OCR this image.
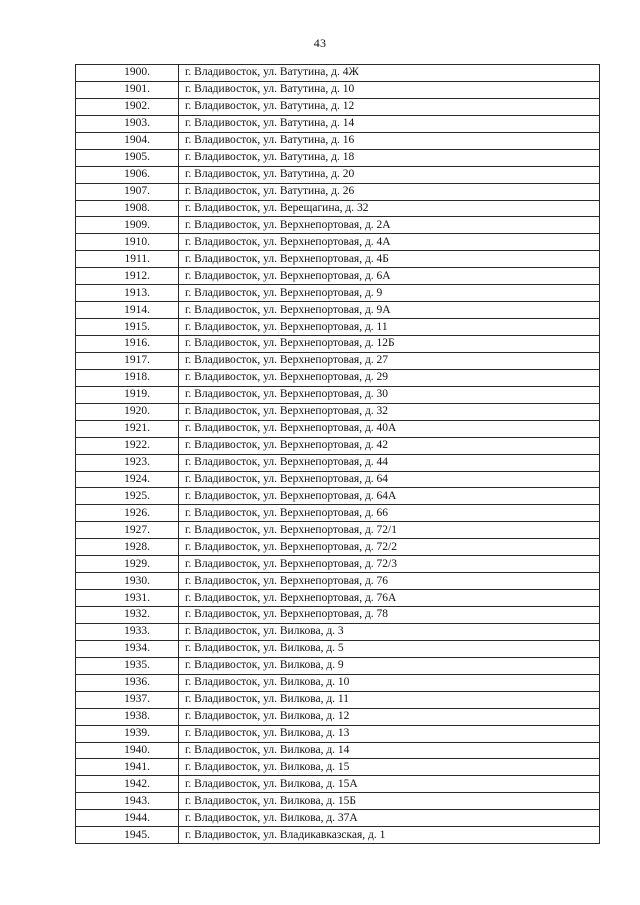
43
1900.	г. Владивосток, ул. Ватутина, д. 4Ж
1901.	г. Владивосток, ул. Ватутина, д. 10
1902.	г. Владивосток, ул. Ватутина, д. 12
1903.	г. Владивосток, ул. Ватутина, д. 14
1904.	г. Владивосток, ул. Ватутина, д. 16
1905.	г. Владивосток, ул. Ватутина, д. 18
1906.	г. Владивосток, ул. Ватутина, д. 20
1907.	г. Владивосток, ул. Ватутина, д. 26
1908.	г. Владивосток, ул. Верещагина, д. 32
1909.	г. Владивосток, ул. Верхнепортовая, д. 2А
1910.	г. Владивосток, ул. Верхнепортовая, д. 4А
1911.	г. Владивосток, ул. Верхнепортовая, д. 4Б
1912.	г. Владивосток, ул. Верхнепортовая, д. 6А
1913.	г. Владивосток, ул. Верхнепортовая, д. 9
1914.	г. Владивосток, ул. Верхнепортовая, д. 9А
1915.	г. Владивосток, ул. Верхнепортовая, д. 11
1916.	г. Владивосток, ул. Верхнепортовая, д. 12Б
1917.	г. Владивосток, ул. Верхнепортовая, д. 27
1918.	г. Владивосток, ул. Верхнепортовая, д. 29
1919.	г. Владивосток, ул. Верхнепортовая, д. 30
1920.	г. Владивосток, ул. Верхнепортовая, д. 32
1921.	г. Владивосток, ул. Верхнепортовая, д. 40А
1922.	г. Владивосток, ул. Верхнепортовая, д. 42
1923.	г. Владивосток, ул. Верхнепортовая, д. 44
1924.	г. Владивосток, ул. Верхнепортовая, д. 64
1925.	г. Владивосток, ул. Верхнепортовая, д. 64А
1926.	г. Владивосток, ул. Верхнепортовая, д. 66
1927.	г. Владивосток, ул. Верхнепортовая, д. 72/1
1928.	г. Владивосток, ул. Верхнепортовая, д. 72/2
1929.	г. Владивосток, ул. Верхнепортовая, д. 72/3
1930.	г. Владивосток, ул. Верхнепортовая, д. 76
1931.	г. Владивосток, ул. Верхнепортовая, д. 76А
1932.	г. Владивосток, ул. Верхнепортовая, д. 78
1933.	г. Владивосток, ул. Вилкова, д. 3
1934.	г. Владивосток, ул. Вилкова, д. 5
1935.	г. Владивосток, ул. Вилкова, д. 9
1936.	г. Владивосток, ул. Вилкова, д. 10
1937.	г. Владивосток, ул. Вилкова, д. 11
1938.	г. Владивосток, ул. Вилкова, д. 12
1939.	г. Владивосток, ул. Вилкова, д. 13
1940.	г. Владивосток, ул. Вилкова, д. 14
1941.	г. Владивосток, ул. Вилкова, д. 15
1942.	г. Владивосток, ул. Вилкова, д. 15А
1943.	г. Владивосток, ул. Вилкова, д. 15Б
1944.	г. Владивосток, ул. Вилкова, д. 37А
1945.	г. Владивосток, ул. Владикавказская, д. 1
